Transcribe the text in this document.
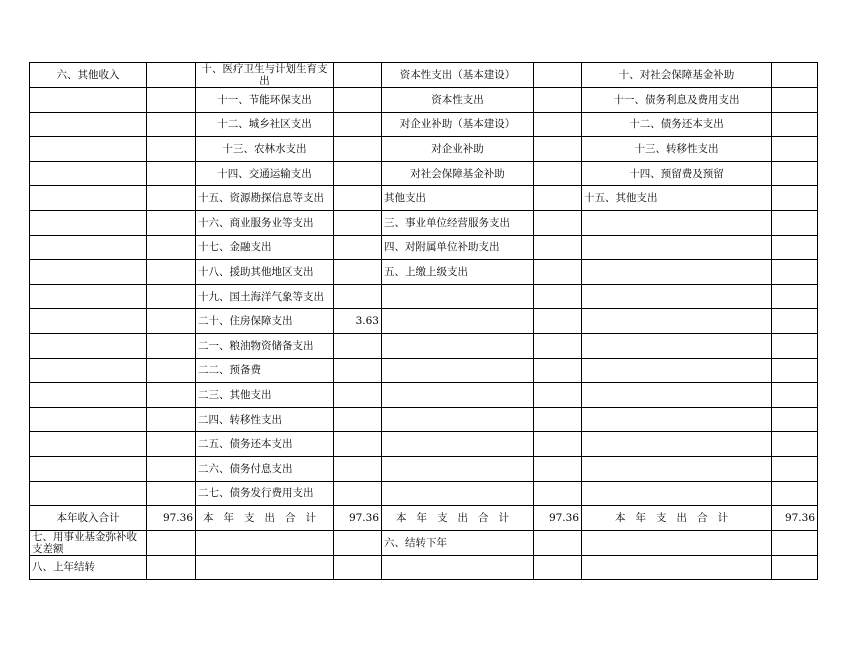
六、其他收入		十、医疗卫生与计划生育支出		资本性支出（基本建设）		十、对社会保障基金补助	
		十一、节能环保支出		资本性支出		十一、债务利息及费用支出	
		十二、城乡社区支出		对企业补助（基本建设）		十二、债务还本支出	
		十三、农林水支出		对企业补助		十三、转移性支出	
		十四、交通运输支出		对社会保障基金补助		十四、预留费及预留	
		十五、资源勘探信息等支出		其他支出		十五、其他支出	
		十六、商业服务业等支出		三、事业单位经营服务支出			
		十七、金融支出		四、对附属单位补助支出			
		十八、援助其他地区支出		五、上缴上级支出			
		十九、国土海洋气象等支出					
		二十、住房保障支出	3.63				
		二一、粮油物资储备支出					
		二二、预备费					
		二三、其他支出					
		二四、转移性支出					
		二五、债务还本支出					
		二六、债务付息支出					
		二七、债务发行费用支出					
本年收入合计	97.36	本年支出合计	97.36	本年支出合计	97.36	本年支出合计	97.36
七、用事业基金弥补收支差额				六、结转下年			
八、上年结转							
